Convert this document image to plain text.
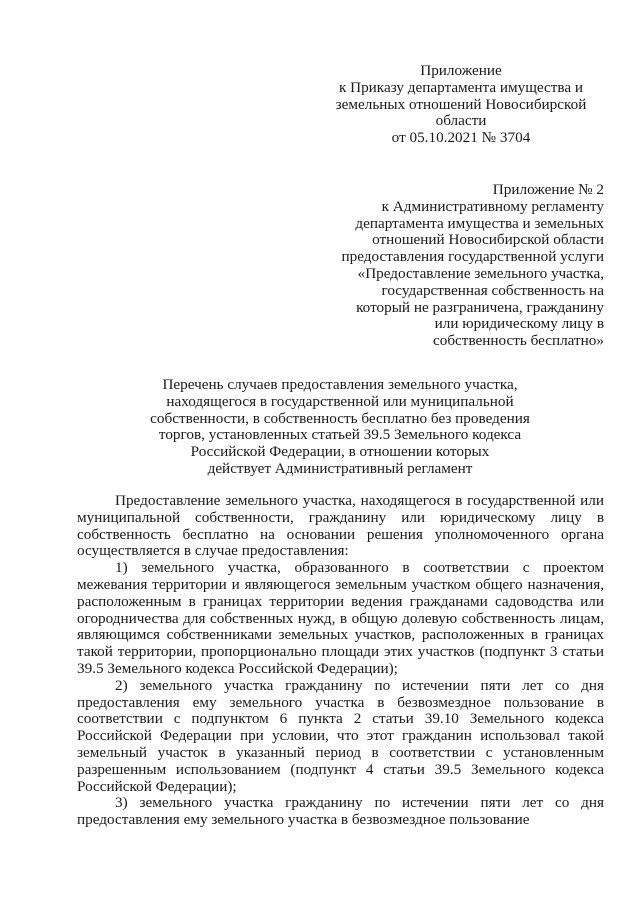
Приложение
к Приказу департамента имущества и
земельных отношений Новосибирской
области
от 05.10.2021 № 3704
Приложение № 2
к Административному регламенту
департамента имущества и земельных
отношений Новосибирской области
предоставления государственной услуги
«Предоставление земельного участка,
государственная собственность на
который не разграничена, гражданину
или юридическому лицу в
собственность бесплатно»
Перечень случаев предоставления земельного участка,
находящегося в государственной или муниципальной
собственности, в собственность бесплатно без проведения
торгов, установленных статьей 39.5 Земельного кодекса
Российской Федерации, в отношении которых
действует Административный регламент

Предоставление земельного участка, находящегося в государственной или муниципальной собственности, гражданину или юридическому лицу в собственность бесплатно на основании решения уполномоченного органа осуществляется в случае предоставления:

1) земельного участка, образованного в соответствии с проектом межевания территории и являющегося земельным участком общего назначения, расположенным в границах территории ведения гражданами садоводства или огородничества для собственных нужд, в общую долевую собственность лицам, являющимся собственниками земельных участков, расположенных в границах такой территории, пропорционально площади этих участков (подпункт 3 статьи 39.5 Земельного кодекса Российской Федерации);

2) земельного участка гражданину по истечении пяти лет со дня предоставления ему земельного участка в безвозмездное пользование в соответствии с подпунктом 6 пункта 2 статьи 39.10 Земельного кодекса Российской Федерации при условии, что этот гражданин использовал такой земельный участок в указанный период в соответствии с установленным разрешенным использованием (подпункт 4 статьи 39.5 Земельного кодекса Российской Федерации);

3) земельного участка гражданину по истечении пяти лет со дня предоставления ему земельного участка в безвозмездное пользование
